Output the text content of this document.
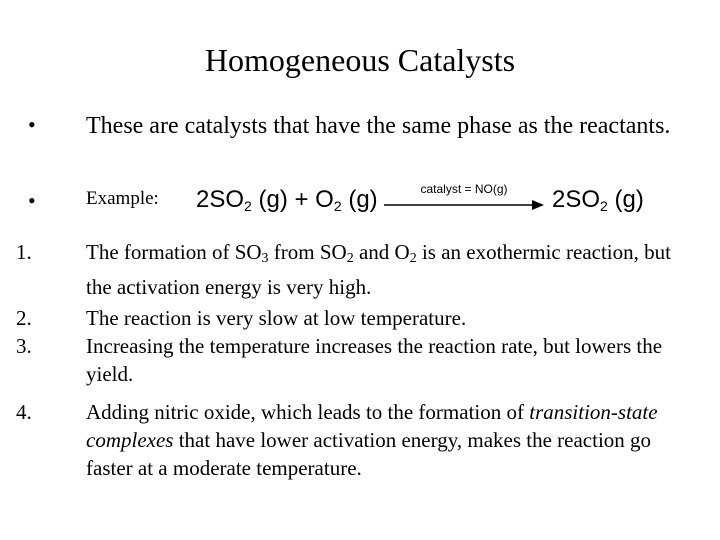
Homogeneous Catalysts
• These are catalysts that have the same phase as the reactants.
•	Example: $2SO_2$ $(g) + O_2$ (g)	catalyst = NO(g)	$2SO_2$ (g)
1.	The formation of $SO_3$ from $SO_2$ and $O_2$ is an exothermic reaction, but the activation energy is very high.
2.	The reaction is very slow at low temperature.
3.	Increasing the temperature increases the reaction rate, but lowers the yield.
4.	Adding nitric oxide, which leads to the formation of transition-state complexes that have lower activation energy, makes the reaction go faster at a moderate temperature.
